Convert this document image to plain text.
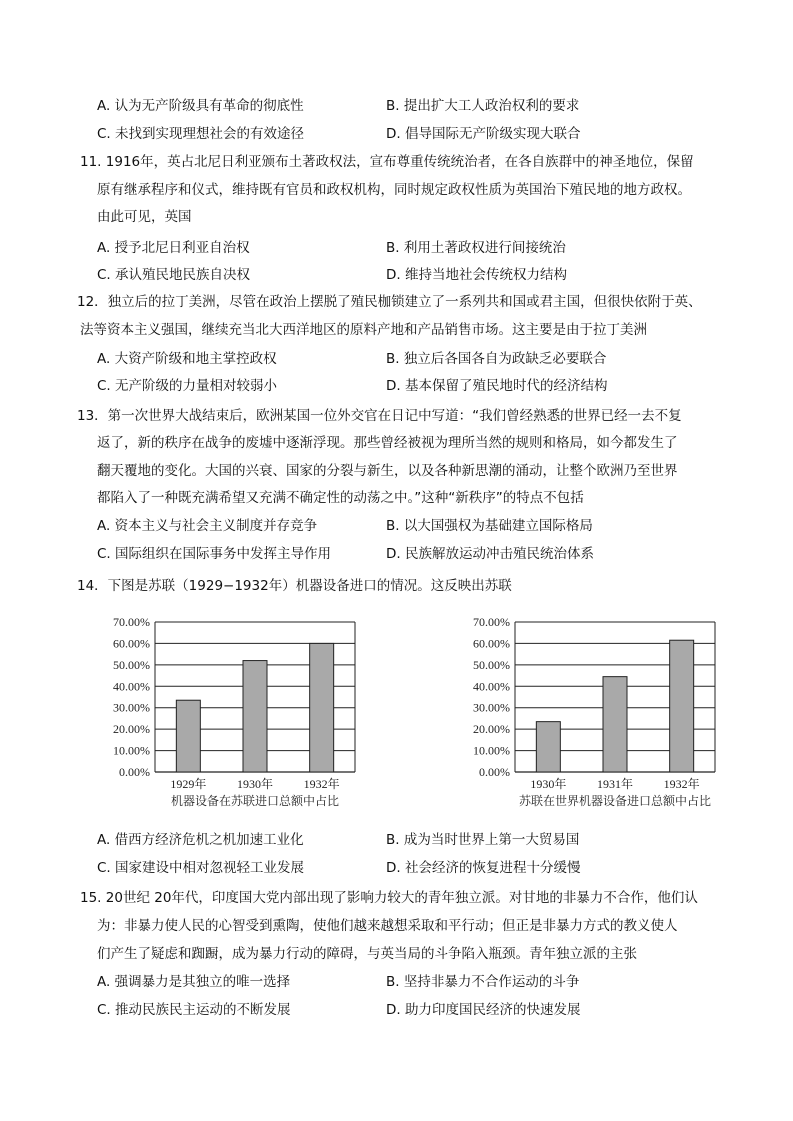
A. 认为无产阶级具有革命的彻底性	B. 提出扩大工人政治权利的要求
C. 未找到实现理想社会的有效途径	D. 倡导国际无产阶级实现大联合
11. 1916年，英占北尼日利亚颁布土著政权法，宣布尊重传统统治者，在各自族群中的神圣地位，保留
原有继承程序和仪式，维持既有官员和政权机构，同时规定政权性质为英国治下殖民地的地方政权。
由此可见，英国
A. 授予北尼日利亚自治权	B. 利用土著政权进行间接统治
C. 承认殖民地民族自决权	D. 维持当地社会传统权力结构
12．独立后的拉丁美洲，尽管在政治上摆脱了殖民枷锁建立了一系列共和国或君主国，但很快依附于英、
法等资本主义强国，继续充当北大西洋地区的原料产地和产品销售市场。这主要是由于拉丁美洲
A. 大资产阶级和地主掌控政权	B. 独立后各国各自为政缺乏必要联合
C. 无产阶级的力量相对较弱小	D. 基本保留了殖民地时代的经济结构
13．第一次世界大战结束后，欧洲某国一位外交官在日记中写道：“我们曾经熟悉的世界已经一去不复
返了，新的秩序在战争的废墟中逐渐浮现。那些曾经被视为理所当然的规则和格局，如今都发生了
翻天覆地的变化。大国的兴衰、国家的分裂与新生，以及各种新思潮的涌动，让整个欧洲乃至世界
都陷入了一种既充满希望又充满不确定性的动荡之中。”这种“新秩序”的特点不包括
A. 资本主义与社会主义制度并存竞争	B. 以大国强权为基础建立国际格局
C. 国际组织在国际事务中发挥主导作用	D. 民族解放运动冲击殖民统治体系
14．下图是苏联（1929−1932年）机器设备进口的情况。这反映出苏联
0.00%
10.00%
20.00%
30.00%
40.00%
50.00%
60.00%
70.00%
1929年	1930年	1932年
机器设备在苏联进口总额中占比
0.00%
10.00%
20.00%
30.00%
40.00%
50.00%
60.00%
70.00%
1930年	1931年	1932年
苏联在世界机器设备进口总额中占比
A. 借西方经济危机之机加速工业化	B. 成为当时世界上第一大贸易国
C. 国家建设中相对忽视轻工业发展	D. 社会经济的恢复进程十分缓慢
15. 20世纪 20年代，印度国大党内部出现了影响力较大的青年独立派。对甘地的非暴力不合作，他们认
为：非暴力使人民的心智受到熏陶，使他们越来越想采取和平行动；但正是非暴力方式的教义使人
们产生了疑虑和踟蹰，成为暴力行动的障碍，与英当局的斗争陷入瓶颈。青年独立派的主张
A. 强调暴力是其独立的唯一选择	B. 坚持非暴力不合作运动的斗争
C. 推动民族民主运动的不断发展	D. 助力印度国民经济的快速发展
